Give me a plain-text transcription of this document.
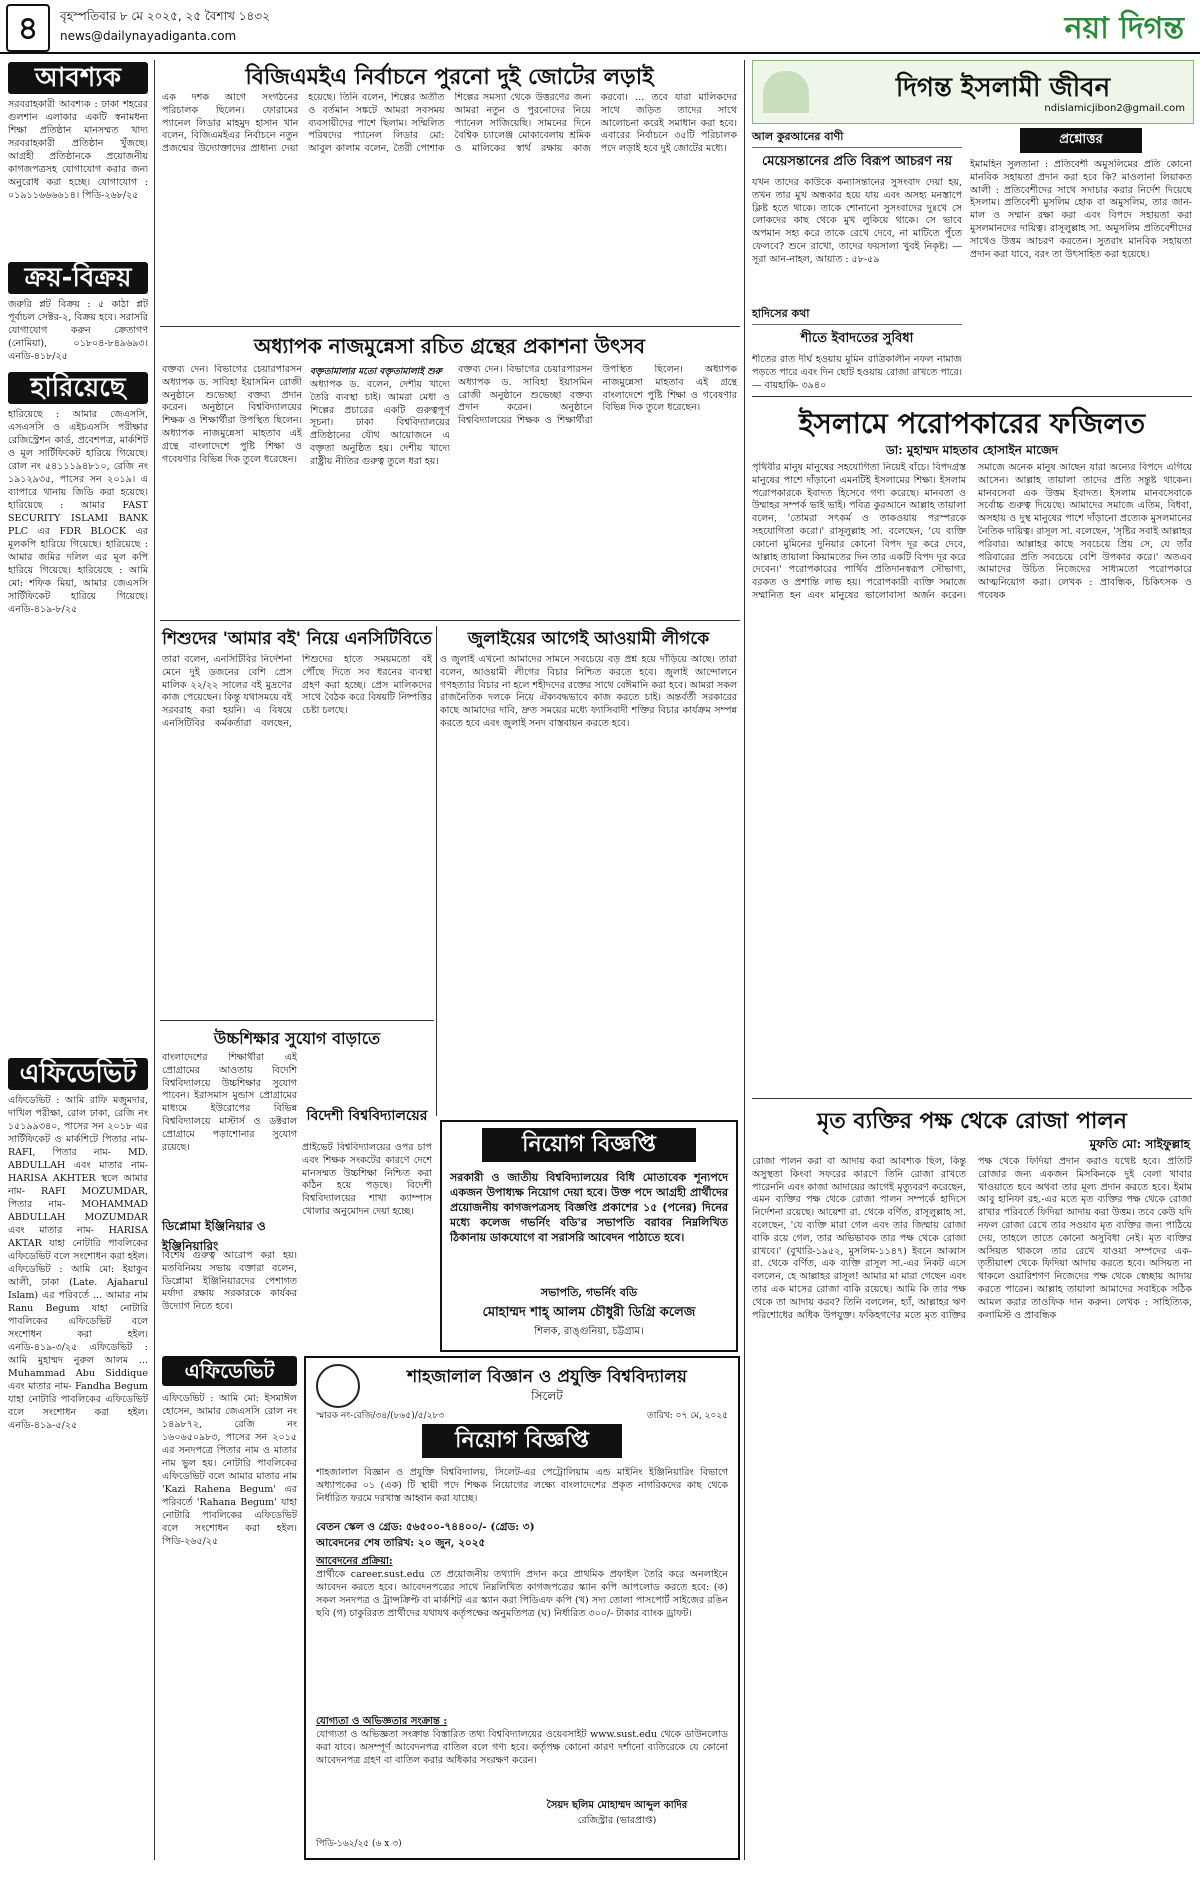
৪	বৃহস্পতিবার ৮ মে ২০২৫, ২৫ বৈশাখ ১৪৩২
news@dailynayadiganta.com	নয়া দিগন্ত
আবশ্যক
সরবরাহকারী আবশ্যক : ঢাকা শহরের গুলশান এলাকার একটি স্বনামধন্য শিক্ষা প্রতিষ্ঠান মানসম্মত খাদ্য সরবরাহকারী প্রতিষ্ঠান খুঁজছে। আগ্রহী প্রতিষ্ঠানকে প্রয়োজনীয় কাগজপত্রসহ যোগাযোগ করার জন্য অনুরোধ করা হচ্ছে। যোগাযোগ : ০১৯১১৬৬৬৬১৪। পিডি-২৬৮/২৫
ক্রয়-বিক্রয়
জরুরি প্লট বিক্রয় : ৫ কাঠা প্লট পূর্বাচল সেক্টর-২, বিক্রয় হবে। সরাসরি যোগাযোগ করুন ক্রেতাগণ (নোমিয়া), ০১৮০৪-৮৪৯৬৯৩। এনডি-৪১৮/২৫
হারিয়েছে
হারিয়েছে : আমার জেএসসি, এসএসসি ও এইচএসসি পরীক্ষার রেজিস্ট্রেশন কার্ড, প্রবেশপত্র, মার্কশিট ও মূল সার্টিফিকেট হারিয়ে গিয়েছে। রোল নং ৫৪১১১৯৪৮১০, রেজি নং ১৯১২৯৩৫, পাসের সন ২০১৯। এ ব্যাপারে থানায় জিডি করা হয়েছে। হারিয়েছে : আমার FAST SECURITY ISLAMI BANK PLC এর FDR BLOCK এর মূলকপি হারিয়ে গিয়েছে। হারিয়েছে : আমার জমির দলিল এর মূল কপি হারিয়ে গিয়েছে। হারিয়েছে : আমি মো: শফিক মিয়া, আমার জেএসসি সার্টিফিকেট হারিয়ে গিয়েছে। এনডি-৪১৯-৮/২৫
এফিডেভিট
এফিডেভিট : আমি রাফি মজুমদার, দাখিল পরীক্ষা, রোল ঢাকা, রেজি নং ১৫১৯৯৩৪০, পাসের সন ২০১৮ এর সার্টিফিকেট ও মার্কশিটে পিতার নাম- RAFI, পিতার নাম- MD. ABDULLAH এবং মাতার নাম- HARISA AKHTER স্থলে আমার নাম- RAFI MOZUMDAR, পিতার নাম- MOHAMMAD ABDULLAH MOZUMDAR এবং মাতার নাম- HARISA AKTAR যাহা নোটারি পাবলিকের এফিডেভিট বলে সংশোধন করা হইল। এফিডেভিট : আমি মো: ইয়াকুব আলী, ঢাকা (Late. Ajaharul Islam) এর পরিবর্তে ... আমার নাম Ranu Begum যাহা নোটারি পাবলিকের এফিডেভিট বলে সংশোধন করা হইল। এনডি-৪১৯-৩/২৫ এফিডেভিট : আমি মুহাম্মদ নুরুল আলম ... Muhammad Abu Siddique এবং মাতার নাম- Fandha Begum যাহা নোটারি পাবলিকের এফিডেভিট বলে সংশোধন করা হইল। এনডি-৪১৯-৫/২৫
বিজিএমইএ নির্বাচনে পুরনো দুই জোটের লড়াই
এক দশক আগে সংগঠনের পরিচালক ছিলেন। ফোরামের প্যানেল লিডার মাহমুদ হাসান খান বলেন, বিজিএমইএর নির্বাচনে নতুন প্রজন্মের উদ্যোক্তাদের প্রাধান্য দেয়া হয়েছে। তিনি বলেন, শিল্পের অতীত ও বর্তমান সঙ্কটে আমরা সবসময় ব্যবসায়ীদের পাশে ছিলাম। সম্মিলিত পরিষদের প্যানেল লিডার মো: আবুল কালাম বলেন, তৈরী পোশাক শিল্পের সমস্যা থেকে উত্তরণের জন্য আমরা নতুন ও পুরনোদের নিয়ে প্যানেল সাজিয়েছি। সামনের দিনে বৈশ্বিক চ্যালেঞ্জ মোকাবেলায় শ্রমিক ও মালিকের স্বার্থ রক্ষায় কাজ করবো। ... তবে যারা মালিকদের সাথে জড়িত তাদের সাথে আলোচনা করেই সমাধান করা হবে। এবারের নির্বাচনে ৩৫টি পরিচালক পদে লড়াই হবে দুই জোটের মধ্যে।
অধ্যাপক নাজমুন্নেসা রচিত গ্রন্থের প্রকাশনা উৎসব
বক্তব্য দেন। বিভাগের চেয়ারপারসন অধ্যাপক ড. সাবিহা ইয়াসমিন রোজী অনুষ্ঠানে শুভেচ্ছা বক্তব্য প্রদান করেন। অনুষ্ঠানে বিশ্ববিদ্যালয়ের শিক্ষক ও শিক্ষার্থীরা উপস্থিত ছিলেন। অধ্যাপক নাজমুন্নেসা মাহতাব এই গ্রন্থে বাংলাদেশে পুষ্টি শিক্ষা ও গবেষণার বিভিন্ন দিক তুলে ধরেছেন।
বক্তৃতামালার মতো বক্তৃতামালাই শুরু
অধ্যাপক ড. বলেন, দেশীয় খাদ্যে তৈরি ব্যবস্থা চাই। আমরা মেধা ও শিল্পের প্রচারের একটি গুরুত্বপূর্ণ সূচনা। ঢাকা বিশ্ববিদ্যালয়ের প্রতিষ্ঠানের যৌথ আয়োজনে এ বক্তৃতা অনুষ্ঠিত হয়। দেশীয় খাদ্যে রাষ্ট্রীয় নীতির গুরুত্ব তুলে ধরা হয়।
বক্তব্য দেন। বিভাগের চেয়ারপারসন অধ্যাপক ড. সাবিহা ইয়াসমিন রোজী অনুষ্ঠানে শুভেচ্ছা বক্তব্য প্রদান করেন। অনুষ্ঠানে বিশ্ববিদ্যালয়ের শিক্ষক ও শিক্ষার্থীরা উপস্থিত ছিলেন। অধ্যাপক নাজমুন্নেসা মাহতাব এই গ্রন্থে বাংলাদেশে পুষ্টি শিক্ষা ও গবেষণার বিভিন্ন দিক তুলে ধরেছেন।
শিশুদের 'আমার বই' নিয়ে এনসিটিবিতে
তারা বলেন, এনসিটিবির নির্দেশনা মেনে দুই ডজনের বেশি প্রেস মালিক ২২/২২ সালের বই মুদ্রণের কাজ পেয়েছেন। কিন্তু যথাসময়ে বই সরবরাহ করা হয়নি। এ বিষয়ে এনসিটিবির কর্মকর্তারা বলছেন, শিশুদের হাতে সময়মতো বই পৌঁছে দিতে সব ধরনের ব্যবস্থা গ্রহণ করা হচ্ছে। প্রেস মালিকদের সাথে বৈঠক করে বিষয়টি নিষ্পত্তির চেষ্টা চলছে।
জুলাইয়ের আগেই আওয়ামী লীগকে
ও জুলাই এখনো আমাদের সামনে সবচেয়ে বড় প্রশ্ন হয়ে দাঁড়িয়ে আছে। তারা বলেন, আওয়ামী লীগের বিচার নিশ্চিত করতে হবে। জুলাই আন্দোলনে গণহত্যার বিচার না হলে শহীদদের রক্তের সাথে বেঈমানি করা হবে। আমরা সকল রাজনৈতিক দলকে নিয়ে ঐক্যবদ্ধভাবে কাজ করতে চাই। অন্তর্বর্তী সরকারের কাছে আমাদের দাবি, দ্রুত সময়ের মধ্যে ফ্যাসিবাদী শক্তির বিচার কার্যক্রম সম্পন্ন করতে হবে এবং জুলাই সনদ বাস্তবায়ন করতে হবে।
উচ্চশিক্ষার সুযোগ বাড়াতে
বাংলাদেশের শিক্ষার্থীরা এই প্রোগ্রামের আওতায় বিদেশি বিশ্ববিদ্যালয়ে উচ্চশিক্ষার সুযোগ পাবেন। ইরাসমাস মুন্ডাস প্রোগ্রামের মাধ্যমে ইউরোপের বিভিন্ন বিশ্ববিদ্যালয়ে মাস্টার্স ও ডক্টরাল প্রোগ্রামে পড়াশোনার সুযোগ রয়েছে।
ডিপ্লোমা ইঞ্জিনিয়ার ও ইঞ্জিনিয়ারিং
বিশেষ গুরুত্ব আরোপ করা হয়। মতবিনিময় সভায় বক্তারা বলেন, ডিপ্লোমা ইঞ্জিনিয়ারদের পেশাগত মর্যাদা রক্ষায় সরকারকে কার্যকর উদ্যোগ নিতে হবে।
বিদেশী বিশ্ববিদ্যালয়ের
প্রাইভেট বিশ্ববিদ্যালয়ের ওপর চাপ এবং শিক্ষক সংকটের কারণে দেশে মানসম্মত উচ্চশিক্ষা নিশ্চিত করা কঠিন হয়ে পড়ছে। বিদেশী বিশ্ববিদ্যালয়ের শাখা ক্যাম্পাস খোলার অনুমোদন দেয়া হচ্ছে।
নিয়োগ বিজ্ঞপ্তি
সরকারী ও জাতীয় বিশ্ববিদ্যালয়ের বিধি মোতাবেক শূন্যপদে একজন উপাধ্যক্ষ নিয়োগ দেয়া হবে। উক্ত পদে আগ্রহী প্রার্থীদের প্রয়োজনীয় কাগজপত্রসহ বিজ্ঞপ্তি প্রকাশের ১৫ (পনের) দিনের মধ্যে কলেজ গভর্নিং বডি'র সভাপতি বরাবর নিম্নলিখিত ঠিকানায় ডাকযোগে বা সরাসরি আবেদন পাঠাতে হবে।
সভাপতি, গভর্নিং বডি
মোহাম্মদ শাহ্ আলম চৌধুরী ডিগ্রি কলেজ
শিলক, রাঙ্গুনিয়া, চট্টগ্রাম।
এফিডেভিট
এফিডেভিট : আমি মো: ইসমাঈল হোসেন, আমার জেএসসি রোল নং ১৪৯৮৭২, রেজি নং ১৬০৬৫০৯৮৩, পাসের সন ২০১৫ এর সনদপত্রে পিতার নাম ও মাতার নাম ভুল হয়। নোটারি পাবলিকের এফিডেভিট বলে আমার মাতার নাম 'Kazi Rahena Begum' এর পরিবর্তে 'Rahana Begum' যাহা নোটারি পাবলিকের এফিডেভিট বলে সংশোধন করা হইল। পিডি-২৬৫/২৫
শাহজালাল বিজ্ঞান ও প্রযুক্তি বিশ্ববিদ্যালয়
সিলেট
স্মারক নং-রেজি/৩৪/(৮৬৫)/৫/২৮৩	তারিখ: ০৭ মে, ২০২৫
নিয়োগ বিজ্ঞপ্তি
শাহজালাল বিজ্ঞান ও প্রযুক্তি বিশ্ববিদ্যালয়, সিলেট-এর পেট্রোলিয়াম এন্ড মাইনিং ইঞ্জিনিয়ারিং বিভাগে অধ্যাপকের ০১ (এক) টি স্থায়ী পদে শিক্ষক নিয়োগের লক্ষ্যে বাংলাদেশের প্রকৃত নাগরিকদের কাছ থেকে নির্ধারিত ফরমে দরখাস্ত আহ্বান করা যাচ্ছে।
বেতন স্কেল ও গ্রেড: ৫৬৫০০-৭৪৪০০/- (গ্রেড: ৩)
আবেদনের শেষ তারিখ: ২০ জুন, ২০২৫
আবেদনের প্রক্রিয়া:
প্রার্থীকে career.sust.edu তে প্রয়োজনীয় তথ্যাদি প্রদান করে প্রাথমিক প্রফাইল তৈরি করে অনলাইনে আবেদন করতে হবে। আবেদনপত্রের সাথে নিম্নলিখিত কাগজপত্রের স্ক্যান কপি আপলোড করতে হবে: (ক) সকল সনদপত্র ও ট্রান্সক্রিপ্ট বা মার্কশিট এর স্ক্যান করা পিডিএফ কপি (খ) সদ্য তোলা পাসপোর্ট সাইজের রঙিন ছবি (গ) চাকুরিরত প্রার্থীদের যথাযথ কর্তৃপক্ষের অনুমতিপত্র (ঘ) নির্ধারিত ৩০০/- টাকার ব্যাংক ড্রাফট।
যোগ্যতা ও অভিজ্ঞতার সংক্রান্ত :
যোগ্যতা ও অভিজ্ঞতা সংক্রান্ত বিস্তারিত তথ্য বিশ্ববিদ্যালয়ের ওয়েবসাইট www.sust.edu থেকে ডাউনলোড করা যাবে। অসম্পূর্ণ আবেদনপত্র বাতিল বলে গণ্য হবে। কর্তৃপক্ষ কোনো কারণ দর্শানো ব্যতিরেকে যে কোনো আবেদনপত্র গ্রহণ বা বাতিল করার অধিকার সংরক্ষণ করেন।
সৈয়দ ছলিম মোহাম্মদ আব্দুল কাদির
রেজিস্ট্রার (ভারপ্রাপ্ত)
পিডি-১৬২/২৫ (৬ x ৩)
দিগন্ত ইসলামী জীবন
ndislamicjibon2@gmail.com
আল কুরআনের বাণী
মেয়েসন্তানের প্রতি বিরূপ আচরণ নয়
যখন তাদের কাউকে কন্যাসন্তানের সুসংবাদ দেয়া হয়, তখন তার মুখ অন্ধকার হয়ে যায় এবং অসহ্য মনস্তাপে ক্লিষ্ট হতে থাকে। তাকে শোনানো সুসংবাদের দুঃখে সে লোকদের কাছ থেকে মুখ লুকিয়ে থাকে। সে ভাবে অপমান সহ্য করে তাকে রেখে দেবে, না মাটিতে পুঁতে ফেলবে? শুনে রাখো, তাদের ফয়সালা খুবই নিকৃষ্ট। — সূরা আন-নাহল, আয়াত : ৫৮-৫৯
হাদিসের কথা
শীতে ইবাদতের সুবিধা
শীতের রাত দীর্ঘ হওয়ায় মুমিন রাত্রিকালীন নফল নামাজ পড়তে পারে এবং দিন ছোট হওয়ায় রোজা রাখতে পারে। — বায়হাকি- ৩৯৪০
প্রশ্নোত্তর
ইমামহিন সুলতানা : প্রতিবেশী অমুসলিমের প্রতি কোনো মানবিক সহায়তা প্রদান করা হবে কি? মাওলানা লিয়াকত আলী : প্রতিবেশীদের সাথে সদাচার করার নির্দেশ দিয়েছে ইসলাম। প্রতিবেশী মুসলিম হোক বা অমুসলিম, তার জান-মাল ও সম্মান রক্ষা করা এবং বিপদে সহায়তা করা মুসলমানদের দায়িত্ব। রাসূলুল্লাহ সা. অমুসলিম প্রতিবেশীদের সাথেও উত্তম আচরণ করতেন। সুতরাং মানবিক সহায়তা প্রদান করা যাবে, বরং তা উৎসাহিত করা হয়েছে।
ইসলামে পরোপকারের ফজিলত
ডা: মুহাম্মদ মাহতাব হোসাইন মাজেদ
পৃথিবীর মানুষ মানুষের সহযোগিতা নিয়েই বাঁচে। বিপদগ্রস্ত মানুষের পাশে দাঁড়ানো এমনটিই ইসলামের শিক্ষা। ইসলাম পরোপকারকে ইবাদত হিসেবে গণ্য করেছে। মানবতা ও উম্মাহর সম্পর্ক ভাই ভাই। পবিত্র কুরআনে আল্লাহ তায়ালা বলেন, 'তোমরা সৎকর্ম ও তাকওয়ায় পরস্পরকে সহযোগিতা করো।' রাসূলুল্লাহ সা. বলেছেন, 'যে ব্যক্তি কোনো মুমিনের দুনিয়ার কোনো বিপদ দূর করে দেবে, আল্লাহ তায়ালা কিয়ামতের দিন তার একটি বিপদ দূর করে দেবেন।' পরোপকারের পার্থিব প্রতিদানস্বরূপ সৌভাগ্য, বরকত ও প্রশান্তি লাভ হয়। পরোপকারী ব্যক্তি সমাজে সম্মানিত হন এবং মানুষের ভালোবাসা অর্জন করেন। সমাজে অনেক মানুষ আছেন যারা অন্যের বিপদে এগিয়ে আসেন। আল্লাহ তায়ালা তাদের প্রতি সন্তুষ্ট থাকেন। মানবসেবা এক উত্তম ইবাদত। ইসলাম মানবসেবাকে সর্বোচ্চ গুরুত্ব দিয়েছে। আমাদের সমাজে এতিম, বিধবা, অসহায় ও দুস্থ মানুষের পাশে দাঁড়ানো প্রত্যেক মুসলমানের নৈতিক দায়িত্ব। রাসূল সা. বলেছেন, 'সৃষ্টির সবাই আল্লাহর পরিবার। আল্লাহর কাছে সবচেয়ে প্রিয় সে, যে তাঁর পরিবারের প্রতি সবচেয়ে বেশি উপকার করে।' অতএব আমাদের উচিত নিজেদের সাধ্যমতো পরোপকারে আত্মনিয়োগ করা। লেখক : প্রাবন্ধিক, চিকিৎসক ও গবেষক
মৃত ব্যক্তির পক্ষ থেকে রোজা পালন
মুফতি মো: সাইফুল্লাহ
রোজা পালন করা বা আদায় করা আবশ্যক ছিল, কিন্তু অসুস্থতা কিংবা সফরের কারণে তিনি রোজা রাখতে পারেননি এবং কাজা আদায়ের আগেই মৃত্যুবরণ করেছেন, এমন ব্যক্তির পক্ষ থেকে রোজা পালন সম্পর্কে হাদিসে নির্দেশনা রয়েছে। আয়েশা রা. থেকে বর্ণিত, রাসূলুল্লাহ সা. বলেছেন, 'যে ব্যক্তি মারা গেল এবং তার জিম্মায় রোজা বাকি রয়ে গেল, তার অভিভাবক তার পক্ষ থেকে রোজা রাখবে।' (বুখারি-১৯৫২, মুসলিম-১১৪৭) ইবনে আব্বাস রা. থেকে বর্ণিত, এক ব্যক্তি রাসূল সা.-এর নিকট এসে বললেন, হে আল্লাহর রাসূল! আমার মা মারা গেছেন এবং তার এক মাসের রোজা বাকি রয়েছে। আমি কি তার পক্ষ থেকে তা আদায় করব? তিনি বললেন, হ্যাঁ, আল্লাহর ঋণ পরিশোধের অধিক উপযুক্ত। ফকিহগণের মতে মৃত ব্যক্তির পক্ষ থেকে ফিদিয়া প্রদান করাও যথেষ্ট হবে। প্রতিটি রোজার জন্য একজন মিসকিনকে দুই বেলা খাবার খাওয়াতে হবে অথবা তার মূল্য প্রদান করতে হবে। ইমাম আবু হানিফা রহ.-এর মতে মৃত ব্যক্তির পক্ষ থেকে রোজা রাখার পরিবর্তে ফিদিয়া আদায় করা উত্তম। তবে কেউ যদি নফল রোজা রেখে তার সওয়াব মৃত ব্যক্তির জন্য পাঠিয়ে দেয়, তাহলে তাতে কোনো অসুবিধা নেই। মৃত ব্যক্তির অসিয়ত থাকলে তার রেখে যাওয়া সম্পদের এক-তৃতীয়াংশ থেকে ফিদিয়া আদায় করতে হবে। অসিয়ত না থাকলে ওয়ারিশগণ নিজেদের পক্ষ থেকে স্বেচ্ছায় আদায় করতে পারেন। আল্লাহ তায়ালা আমাদের সবাইকে সঠিক আমল করার তাওফিক দান করুন। লেখক : সাহিত্যিক, কলামিস্ট ও প্রাবন্ধিক
